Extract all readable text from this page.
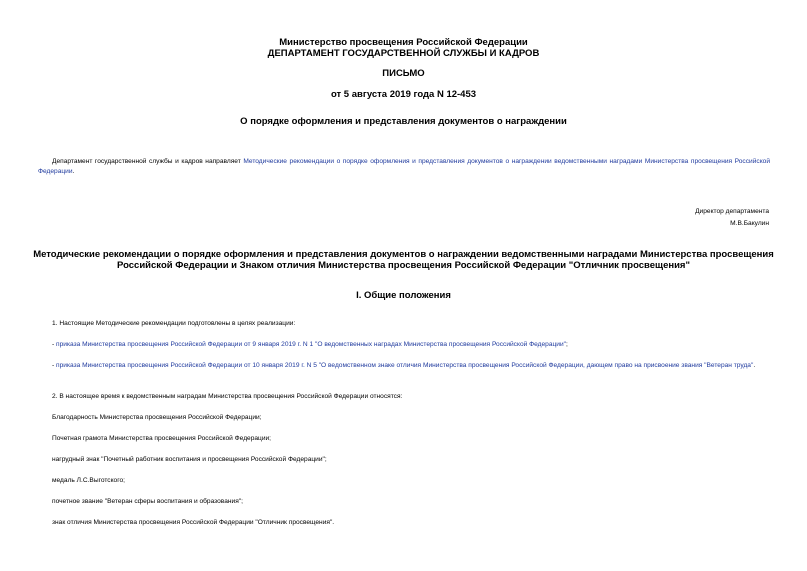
Министерство просвещения Российской Федерации
ДЕПАРТАМЕНТ ГОСУДАРСТВЕННОЙ СЛУЖБЫ И КАДРОВ
ПИСЬМО
от 5 августа 2019 года N 12-453
О порядке оформления и представления документов о награждении
Департамент государственной службы и кадров направляет Методические рекомендации о порядке оформления и представления документов о награждении ведомственными наградами Министерства просвещения Российской Федерации.
Директор департамента
М.В.Бакулин
Методические рекомендации о порядке оформления и представления документов о награждении ведомственными наградами Министерства просвещения
Российской Федерации и Знаком отличия Министерства просвещения Российской Федерации "Отличник просвещения"
I. Общие положения
1. Настоящие Методические рекомендации подготовлены в целях реализации:
- приказа Министерства просвещения Российской Федерации от 9 января 2019 г. N 1 "О ведомственных наградах Министерства просвещения Российской Федерации";
- приказа Министерства просвещения Российской Федерации от 10 января 2019 г. N 5 "О ведомственном знаке отличия Министерства просвещения Российской Федерации, дающем право на присвоение звания "Ветеран труда".
2. В настоящее время к ведомственным наградам Министерства просвещения Российской Федерации относятся:
Благодарность Министерства просвещения Российской Федерации;
Почетная грамота Министерства просвещения Российской Федерации;
нагрудный знак "Почетный работник воспитания и просвещения Российской Федерации";
медаль Л.С.Выготского;
почетное звание "Ветеран сферы воспитания и образования";
знак отличия Министерства просвещения Российской Федерации "Отличник просвещения".
